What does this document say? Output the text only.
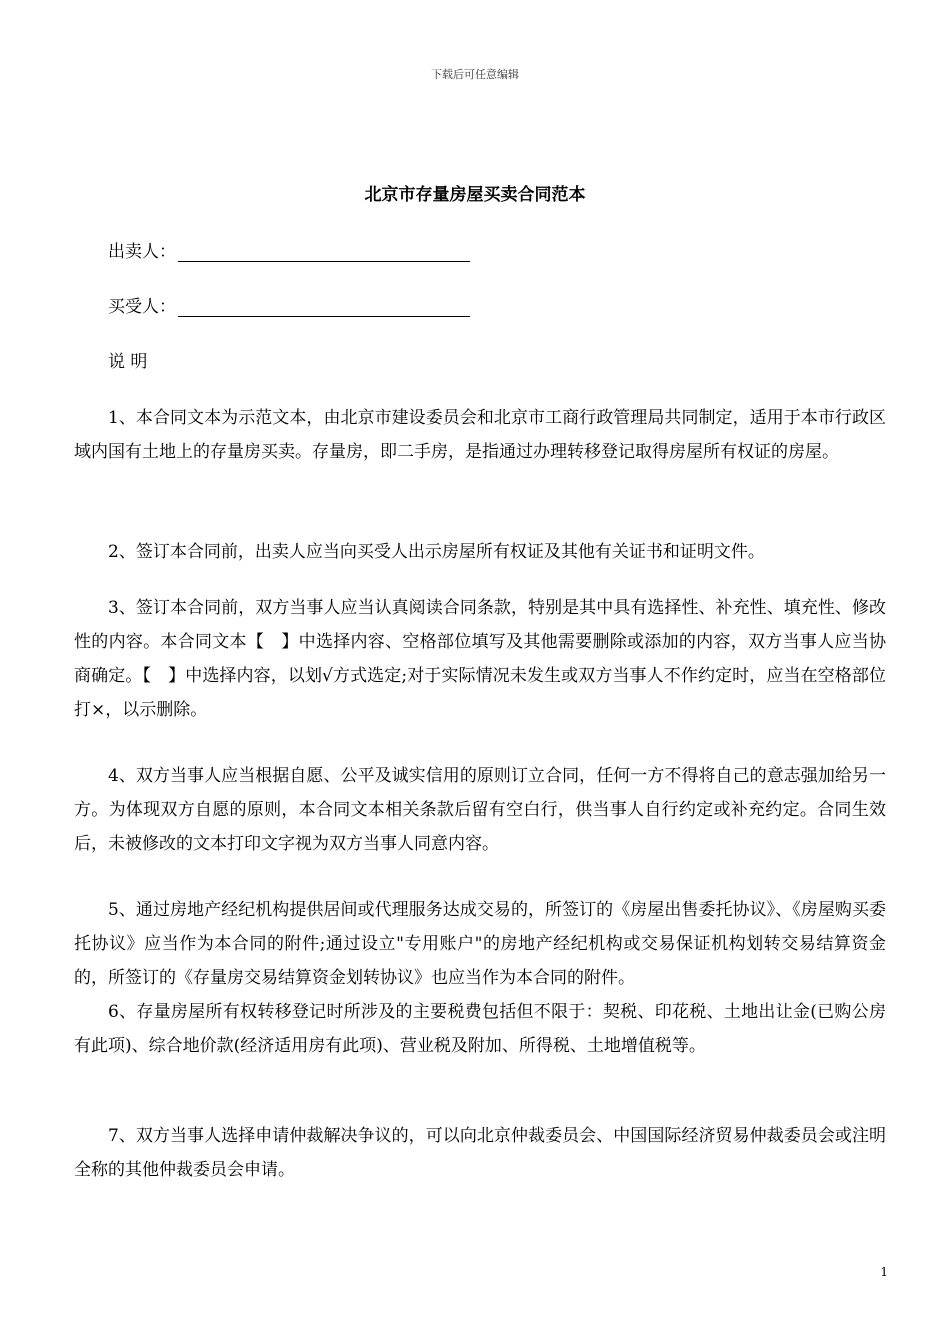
下载后可任意编辑
北京市存量房屋买卖合同范本
出卖人：
买受人：
说 明

1、本合同文本为示范文本，由北京市建设委员会和北京市工商行政管理局共同制定，适用于本市行政区域内国有土地上的存量房买卖。存量房，即二手房，是指通过办理转移登记取得房屋所有权证的房屋。

2、签订本合同前，出卖人应当向买受人出示房屋所有权证及其他有关证书和证明文件。

3、签订本合同前，双方当事人应当认真阅读合同条款，特别是其中具有选择性、补充性、填充性、修改性的内容。本合同文本【　】中选择内容、空格部位填写及其他需要删除或添加的内容，双方当事人应当协商确定。【　】中选择内容，以划√方式选定;对于实际情况未发生或双方当事人不作约定时，应当在空格部位打×，以示删除。

4、双方当事人应当根据自愿、公平及诚实信用的原则订立合同，任何一方不得将自己的意志强加给另一方。为体现双方自愿的原则，本合同文本相关条款后留有空白行，供当事人自行约定或补充约定。合同生效后，未被修改的文本打印文字视为双方当事人同意内容。

5、通过房地产经纪机构提供居间或代理服务达成交易的，所签订的《房屋出售委托协议》、《房屋购买委托协议》应当作为本合同的附件;通过设立"专用账户"的房地产经纪机构或交易保证机构划转交易结算资金的，所签订的《存量房交易结算资金划转协议》也应当作为本合同的附件。

6、存量房屋所有权转移登记时所涉及的主要税费包括但不限于：契税、印花税、土地出让金(已购公房有此项)、综合地价款(经济适用房有此项)、营业税及附加、所得税、土地增值税等。

7、双方当事人选择申请仲裁解决争议的，可以向北京仲裁委员会、中国国际经济贸易仲裁委员会或注明全称的其他仲裁委员会申请。

1
